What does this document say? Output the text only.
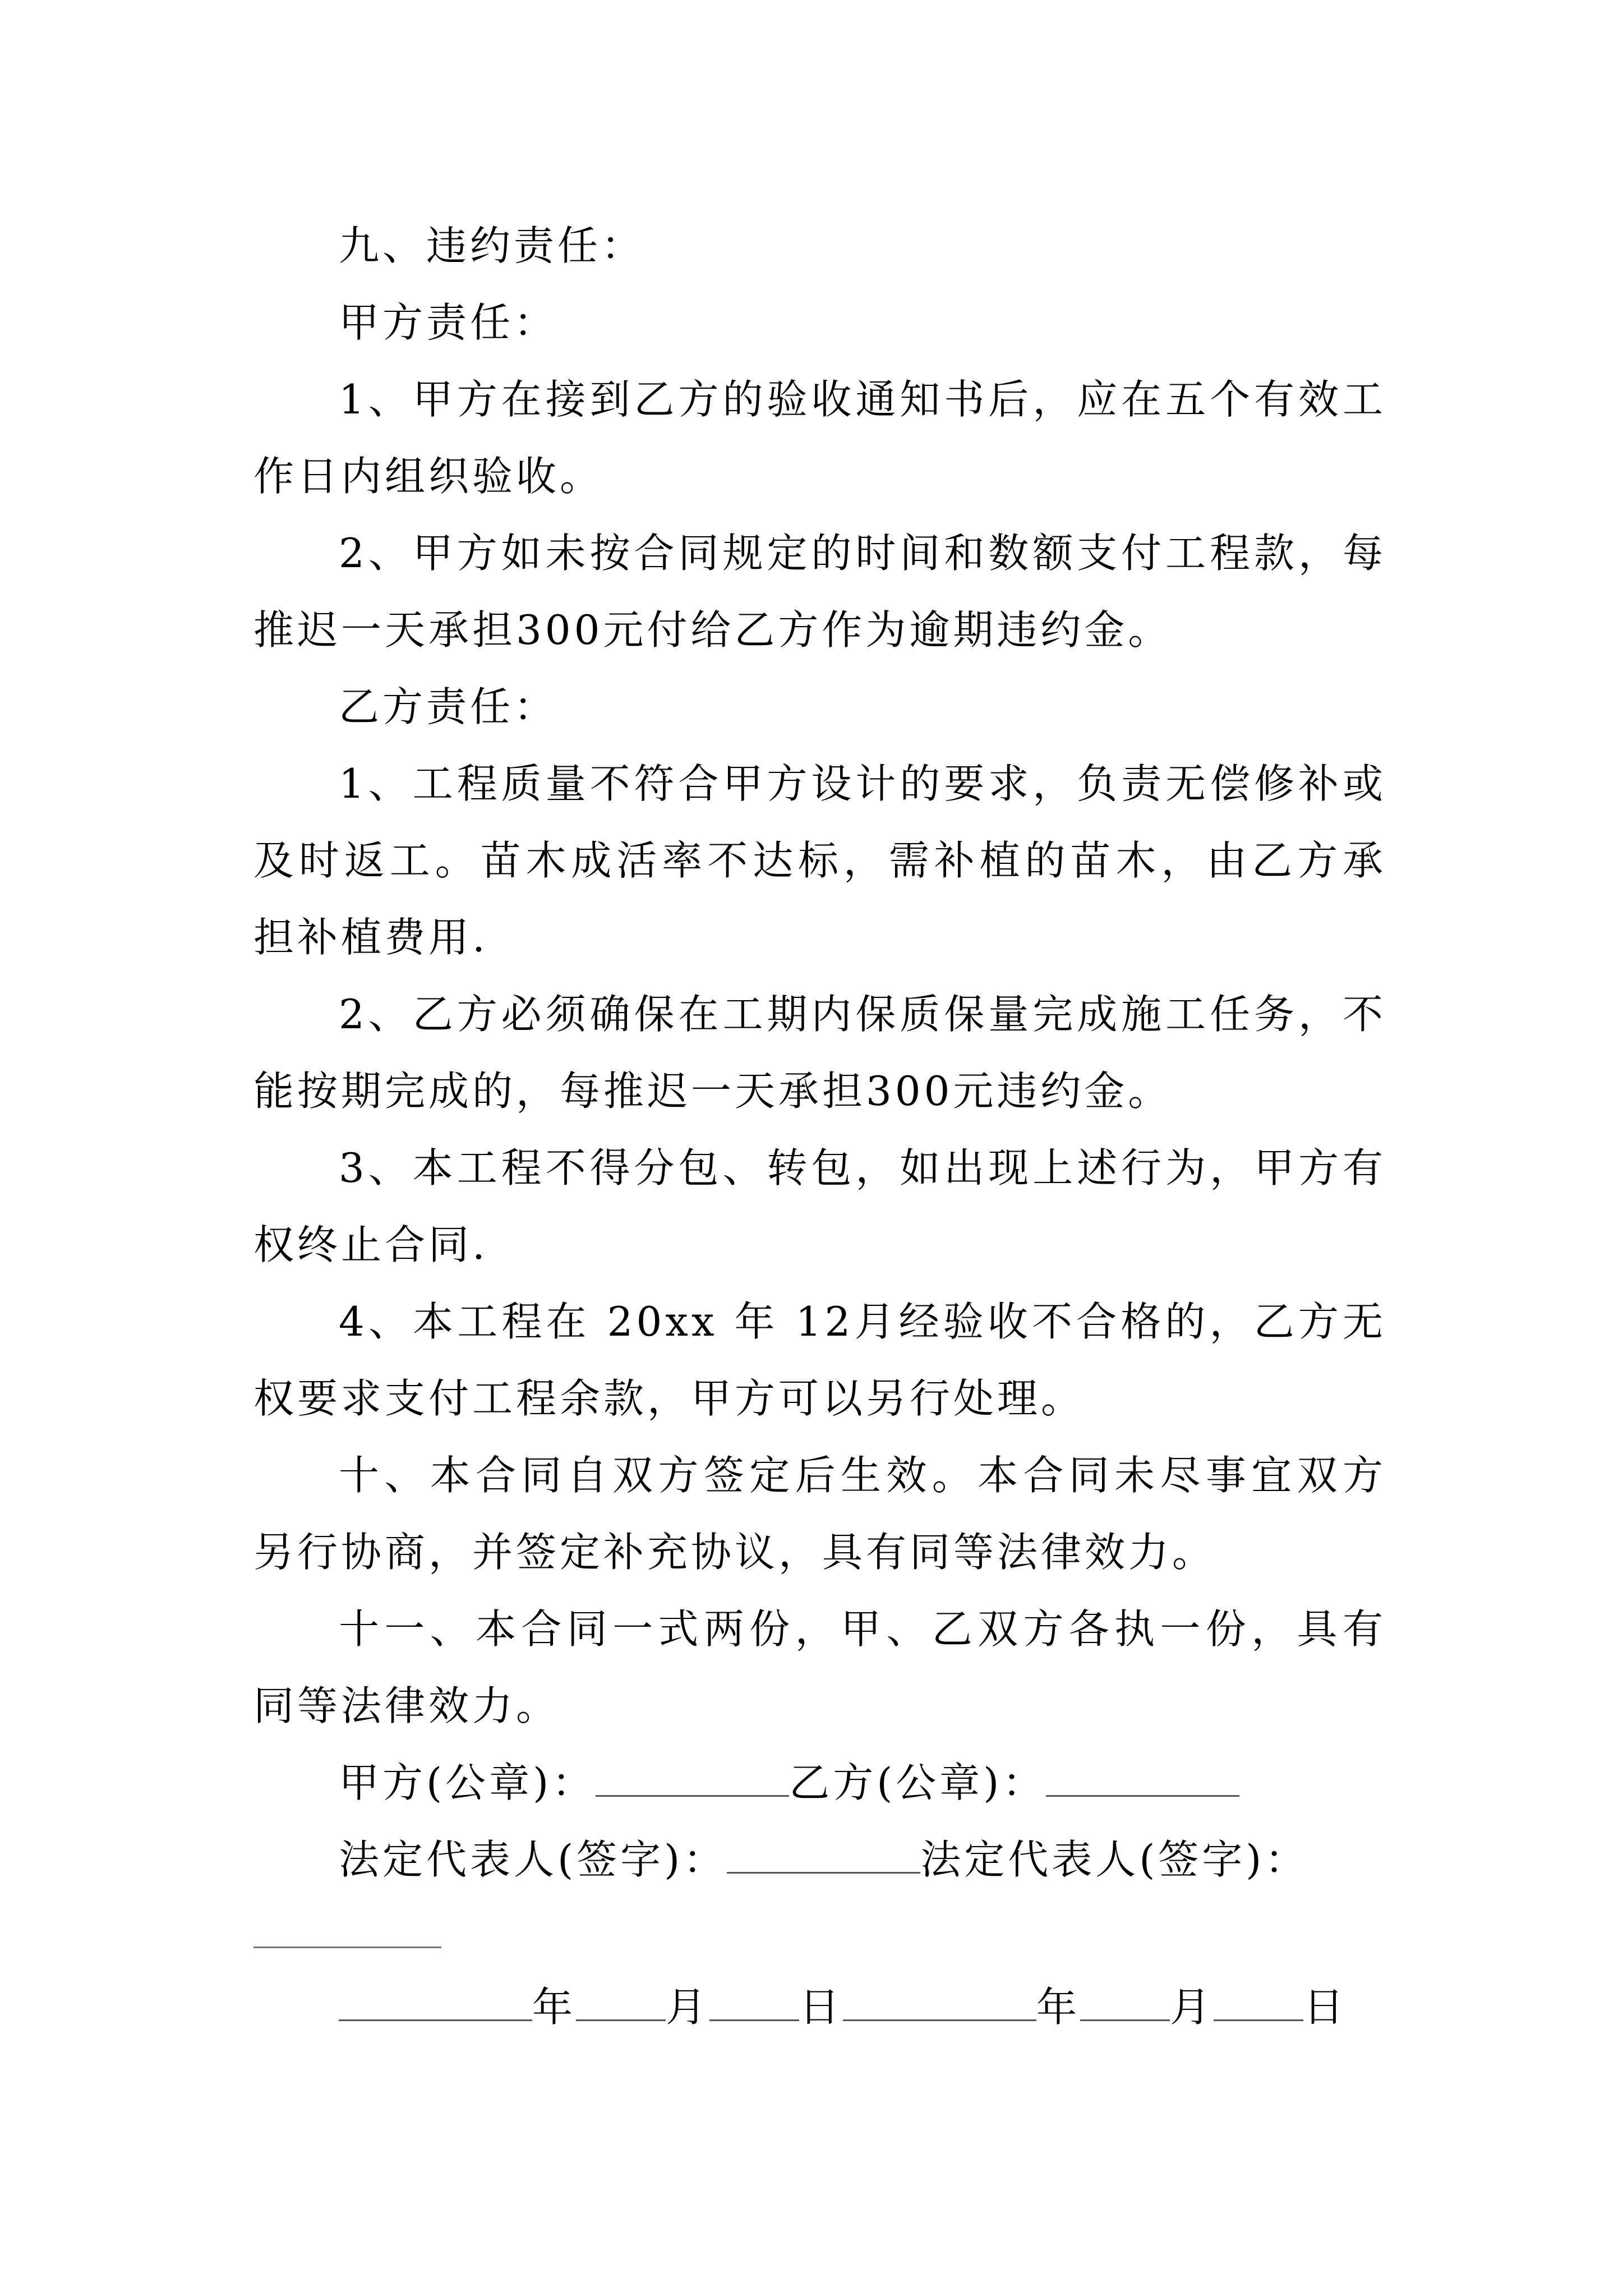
九、违约责任：

甲方责任：

1、甲方在接到乙方的验收通知书后，应在五个有效工作日内组织验收。

2、甲方如未按合同规定的时间和数额支付工程款，每推迟一天承担300元付给乙方作为逾期违约金。

乙方责任：

1、工程质量不符合甲方设计的要求，负责无偿修补或及时返工。苗木成活率不达标，需补植的苗木，由乙方承担补植费用.

2、乙方必须确保在工期内保质保量完成施工任务，不能按期完成的，每推迟一天承担300元违约金。

3、本工程不得分包、转包，如出现上述行为，甲方有权终止合同.

4、本工程在 20xx 年 12月经验收不合格的，乙方无权要求支付工程余款，甲方可以另行处理。

十、本合同自双方签定后生效。本合同未尽事宜双方另行协商，并签定补充协议，具有同等法律效力。

十一、本合同一式两份，甲、乙双方各执一份，具有同等法律效力。

甲方(公章)：	乙方(公章)：

法定代表人(签字)：	法定代表人(签字)：

年 月 日	年 月 日
